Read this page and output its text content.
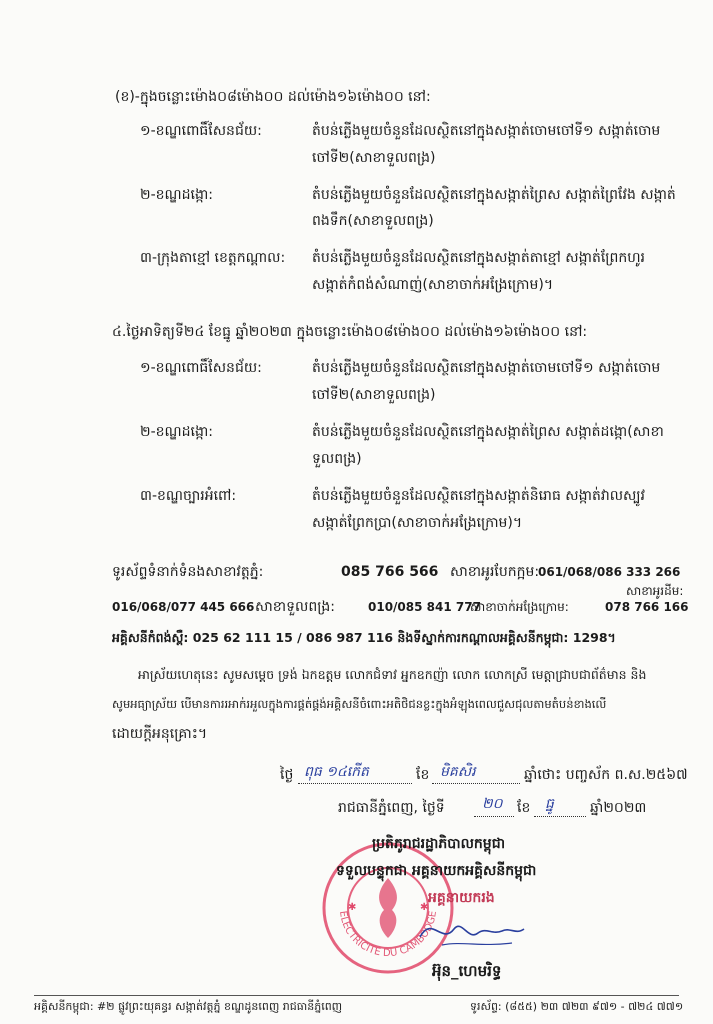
(ខ)-ក្នុងចន្លោះម៉ោង០៨ម៉ោង០០ ដល់ម៉ោង១៦ម៉ោង០០ នៅ:
១-ខណ្ឌពោធិ៍សែនជ័យ:	តំបន់ភ្លើងមួយចំនួនដែលស្ថិតនៅក្នុងសង្កាត់ចោមចៅទី១ សង្កាត់ចោម
ចៅទី២(សាខាទួលពង្រ)
២-ខណ្ឌដង្កោ:	តំបន់ភ្លើងមួយចំនួនដែលស្ថិតនៅក្នុងសង្កាត់ព្រៃស សង្កាត់ព្រៃវែង សង្កាត់
ពងទឹក(សាខាទួលពង្រ)
៣-ក្រុងតាខ្មៅ ខេត្តកណ្ដាល: តំបន់ភ្លើងមួយចំនួនដែលស្ថិតនៅក្នុងសង្កាត់តាខ្មៅ សង្កាត់ព្រែកហូរ
សង្កាត់កំពង់សំណាញ់(សាខាចាក់អង្រែក្រោម)។
៤.ថ្ងៃអាទិត្យទី២៤ ខែធ្នូ ឆ្នាំ២០២៣ ក្នុងចន្លោះម៉ោង០៨ម៉ោង០០ ដល់ម៉ោង១៦ម៉ោង០០ នៅ:
១-ខណ្ឌពោធិ៍សែនជ័យ:	តំបន់ភ្លើងមួយចំនួនដែលស្ថិតនៅក្នុងសង្កាត់ចោមចៅទី១ សង្កាត់ចោម
ចៅទី២(សាខាទួលពង្រ)
២-ខណ្ឌដង្កោ:	តំបន់ភ្លើងមួយចំនួនដែលស្ថិតនៅក្នុងសង្កាត់ព្រៃស សង្កាត់ដង្កោ(សាខា
ទួលពង្រ)
៣-ខណ្ឌច្បារអំពៅ:	តំបន់ភ្លើងមួយចំនួនដែលស្ថិតនៅក្នុងសង្កាត់និរោធ សង្កាត់វាលស្បូវ
សង្កាត់ព្រែកប្រា(សាខាចាក់អង្រែក្រោម)។
ទូរស័ព្ទទំនាក់ទំនងសាខាវត្តភ្នំ:	085 766 566 សាខាអូរបែកក្អម:
061/068/086 333 266
សាខាអូរដីម:
016/068/077 445 666 សាខាទួលពង្រ:	010/085 841 777
សាខាចាក់អង្រែក្រោម:	078 766 166
អគ្គិសនីកំពង់ស្ពឺ: 025 62 111 15 / 086 987 116 និងទីស្នាក់ការកណ្ដាលអគ្គិសនីកម្ពុជា: 1298។
អាស្រ័យហេតុនេះ សូមសម្ដេច ទ្រង់ ឯកឧត្តម លោកជំទាវ អ្នកឧកញ៉ា លោក លោកស្រី មេត្តាជ្រាបជាព័ត៌មាន និង
សូមអធ្យាស្រ័យ បើមានការរអាក់រអួលក្នុងការផ្គត់ផ្គង់អគ្គិសនីចំពោះអតិថិជនខ្លះក្នុងអំឡុងពេលជួសជុលតាមតំបន់ខាងលើ
ដោយក្ដីអនុគ្រោះ។
ថ្ងៃ ពុធ ១៤កើត	ខែ មិគសិរ	ឆ្នាំថោះ បញ្ចស័ក ព.ស.២៥៦៧
រាជធានីភ្នំពេញ, ថ្ងៃទី	២០ ខែ ធ្នូ	ឆ្នាំ២០២៣
ELECTRICITE DU CAMBODGE
✱	✱
ប្រតិភូរាជរដ្ឋាភិបាលកម្ពុជា
ទទួលបន្ទុកជា អគ្គនាយកអគ្គិសនីកម្ពុជា
អគ្គនាយករង
អ៊ុន_ហេមរិទ្ធ
អគ្គិសនីកម្ពុជា: #២ ផ្លូវព្រះយុគន្ធរ សង្កាត់វត្តភ្នំ ខណ្ឌដូនពេញ រាជធានីភ្នំពេញ	ទូរស័ព្ទ: (៨៥៥) ២៣ ៧២៣ ៩៧១ - ៧២៤ ៧៧១
